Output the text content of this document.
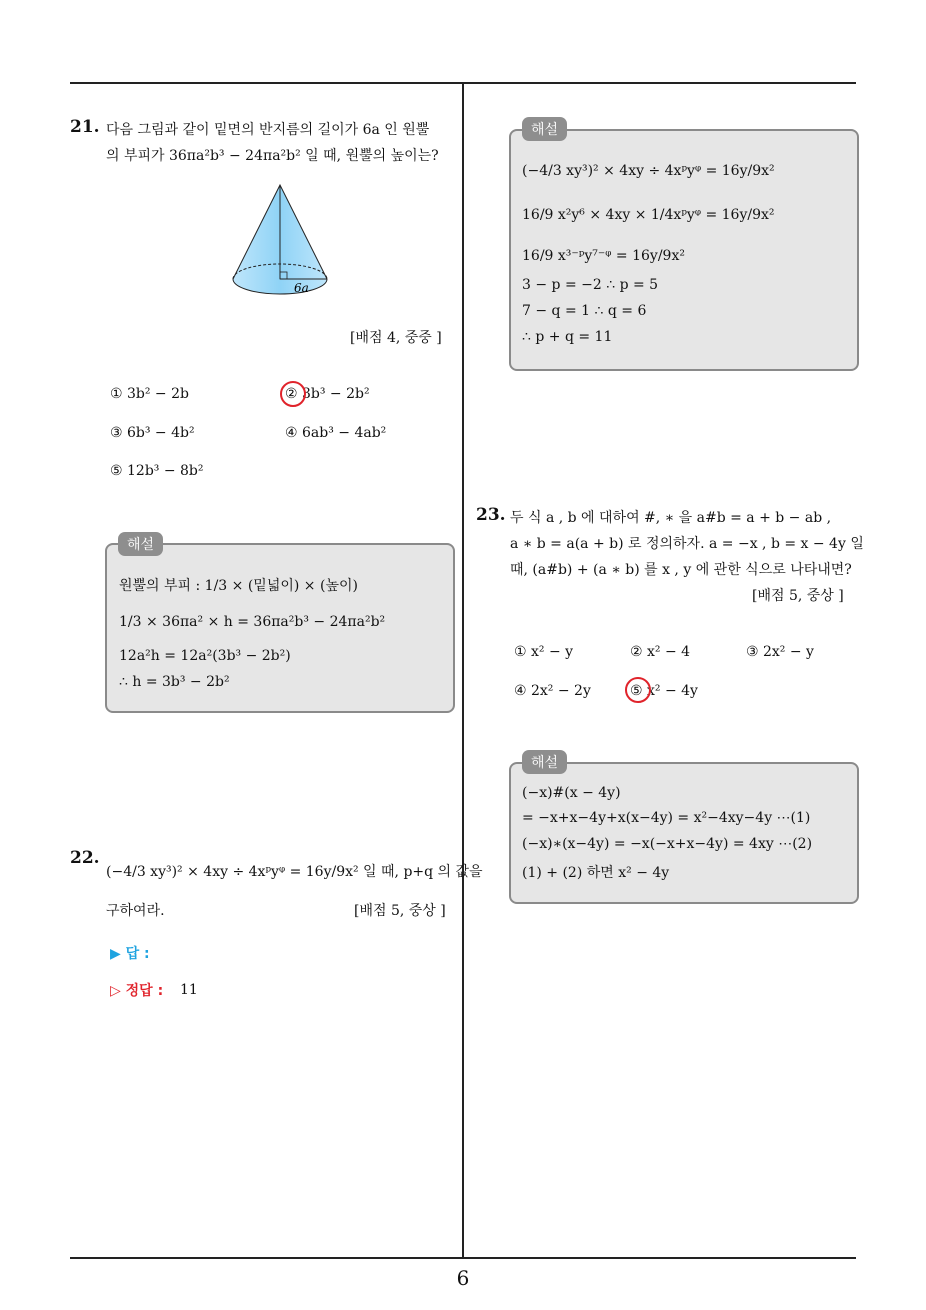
6
21. 다음 그림과 같이 밑면의 반지름의 길이가 6a 인 원뿔
의 부피가 36πa²b³ − 24πa²b² 일 때, 원뿔의 높이는?
6a
[배점 4, 중중 ]
① 3b² − 2b	② 3b³ − 2b²
③ 6b³ − 4b²	④ 6ab³ − 4ab²
⑤ 12b³ − 8b²
해설
원뿔의 부피 : 1/3 × (밑넓이) × (높이)
1/3 × 36πa² × h = 36πa²b³ − 24πa²b²
12a²h = 12a²(3b³ − 2b²)
∴ h = 3b³ − 2b²
22.
(−4/3 xy³)² × 4xy ÷ 4xᵖyᵠ = 16y/9x² 일 때, p+q 의 값을
구하여라.	[배점 5, 중상 ]
▶ 답 :
▷ 정답 : 11
해설
(−4/3 xy³)² × 4xy ÷ 4xᵖyᵠ = 16y/9x²
16/9 x²y⁶ × 4xy × 1/4xᵖyᵠ = 16y/9x²
16/9 x³⁻ᵖy⁷⁻ᵠ = 16y/9x²
3 − p = −2 ∴ p = 5
7 − q = 1 ∴ q = 6
∴ p + q = 11
23. 두 식 a , b 에 대하여 #, ∗ 을 a#b = a + b − ab ,
a ∗ b = a(a + b) 로 정의하자. a = −x , b = x − 4y 일
때, (a#b) + (a ∗ b) 를 x , y 에 관한 식으로 나타내면?
[배점 5, 중상 ]
① x² − y	② x² − 4	③ 2x² − y
④ 2x² − 2y	⑤ x² − 4y
해설
(−x)#(x − 4y)
= −x+x−4y+x(x−4y) = x²−4xy−4y ⋯(1)
(−x)∗(x−4y) = −x(−x+x−4y) = 4xy ⋯(2)
(1) + (2) 하면 x² − 4y
